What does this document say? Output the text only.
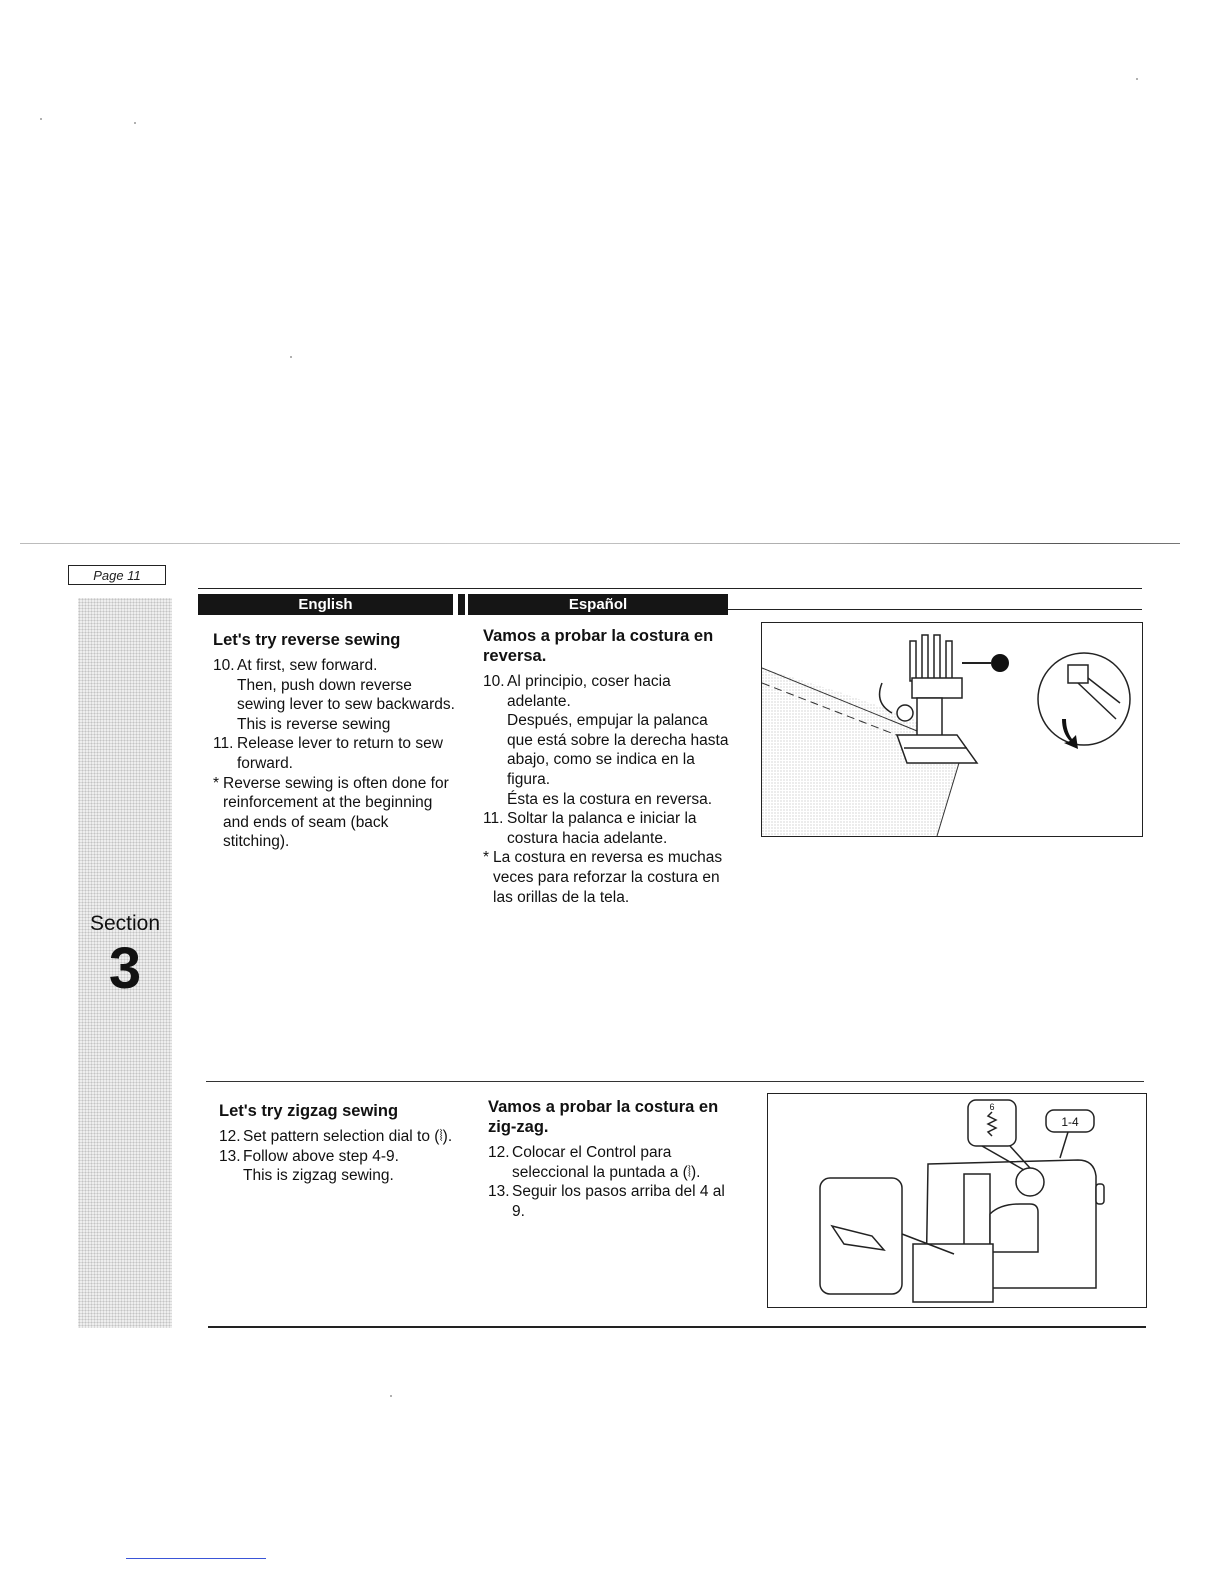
Page 11
Section
3
English	Español
Let's try reverse sewing
10. At first, sew forward.

Then, push down reverse sewing lever to sew backwards.

This is reverse sewing

11. Release lever to return to sew forward.

* Reverse sewing is often done for reinforcement at the beginning and ends of seam (back stitching).

Vamos a probar la costura en reversa.
10. Al principio, coser hacia adelante.

Después, empujar la palanca que está sobre la derecha hasta abajo, como se indica en la figura.

Ésta es la costura en reversa.

11. Soltar la palanca e iniciar la costura hacia adelante.

* La costura en reversa es muchas veces para reforzar la costura en las orillas de la tela.

Let's try zigzag sewing
12. Set pattern selection dial to (⦚).

13. Follow above step 4-9.

This is zigzag sewing.

Vamos a probar la costura en zig-zag.
12. Colocar el Control para seleccional la puntada a (⦚).

13. Seguir los pasos arriba del 4 al 9.

6
1-4
